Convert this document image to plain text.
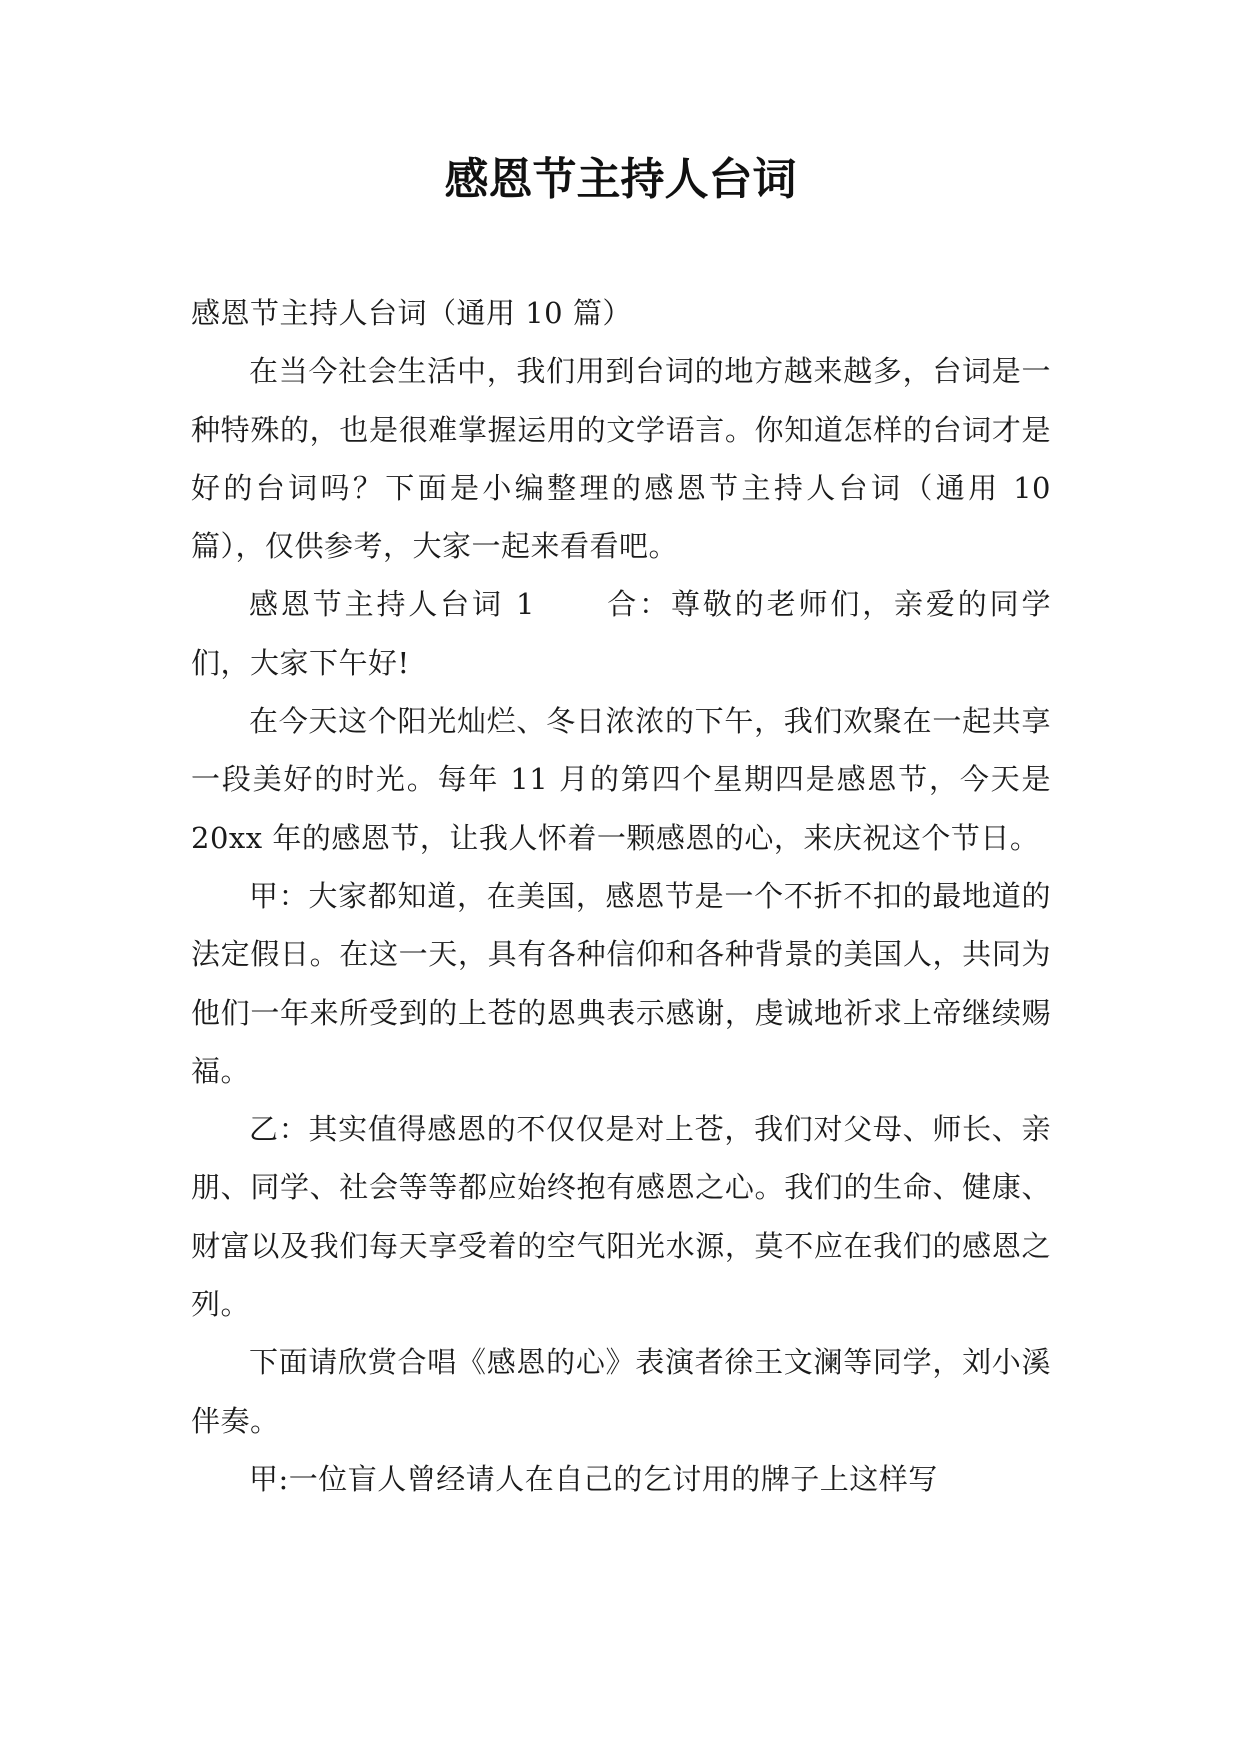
感恩节主持人台词

感恩节主持人台词（通用 10 篇）

在当今社会生活中，我们用到台词的地方越来越多，台词是一种特殊的，也是很难掌握运用的文学语言。你知道怎样的台词才是好的台词吗？下面是小编整理的感恩节主持人台词（通用 10 篇），仅供参考，大家一起来看看吧。

感恩节主持人台词 1 合：尊敬的老师们，亲爱的同学们，大家下午好!

在今天这个阳光灿烂、冬日浓浓的下午，我们欢聚在一起共享一段美好的时光。每年 11 月的第四个星期四是感恩节，今天是 20xx 年的感恩节，让我人怀着一颗感恩的心，来庆祝这个节日。

甲：大家都知道，在美国，感恩节是一个不折不扣的最地道的法定假日。在这一天，具有各种信仰和各种背景的美国人，共同为他们一年来所受到的上苍的恩典表示感谢，虔诚地祈求上帝继续赐福。

乙：其实值得感恩的不仅仅是对上苍，我们对父母、师长、亲朋、同学、社会等等都应始终抱有感恩之心。我们的生命、健康、财富以及我们每天享受着的空气阳光水源，莫不应在我们的感恩之列。

下面请欣赏合唱《感恩的心》表演者徐王文澜等同学，刘小溪伴奏。

甲:一位盲人曾经请人在自己的乞讨用的牌子上这样写
